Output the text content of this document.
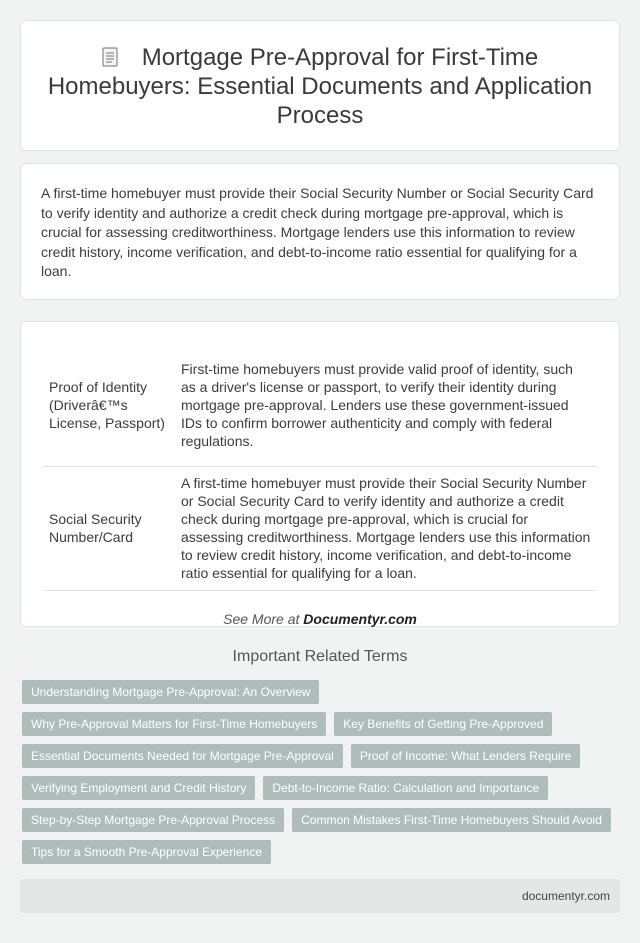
Mortgage Pre-Approval for First-Time Homebuyers: Essential Documents and Application Process

A first-time homebuyer must provide their Social Security Number or Social Security Card to verify identity and authorize a credit check during mortgage pre-approval, which is crucial for assessing creditworthiness. Mortgage lenders use this information to review credit history, income verification, and debt-to-income ratio essential for qualifying for a loan.

Proof of Identity (Driverâ€™s License, Passport)	First-time homebuyers must provide valid proof of identity, such as a driver's license or passport, to verify their identity during mortgage pre-approval. Lenders use these government-issued IDs to confirm borrower authenticity and comply with federal regulations.
Social Security Number/Card	A first-time homebuyer must provide their Social Security Number or Social Security Card to verify identity and authorize a credit check during mortgage pre-approval, which is crucial for assessing creditworthiness. Mortgage lenders use this information to review credit history, income verification, and debt-to-income ratio essential for qualifying for a loan.
See More at Documentyr.com
Important Related Terms
Understanding Mortgage Pre-Approval: An Overview
Why Pre-Approval Matters for First-Time Homebuyers	Key Benefits of Getting Pre-Approved
Essential Documents Needed for Mortgage Pre-Approval	Proof of Income: What Lenders Require
Verifying Employment and Credit History	Debt-to-Income Ratio: Calculation and Importance
Step-by-Step Mortgage Pre-Approval Process	Common Mistakes First-Time Homebuyers Should Avoid
Tips for a Smooth Pre-Approval Experience
documentyr.com
